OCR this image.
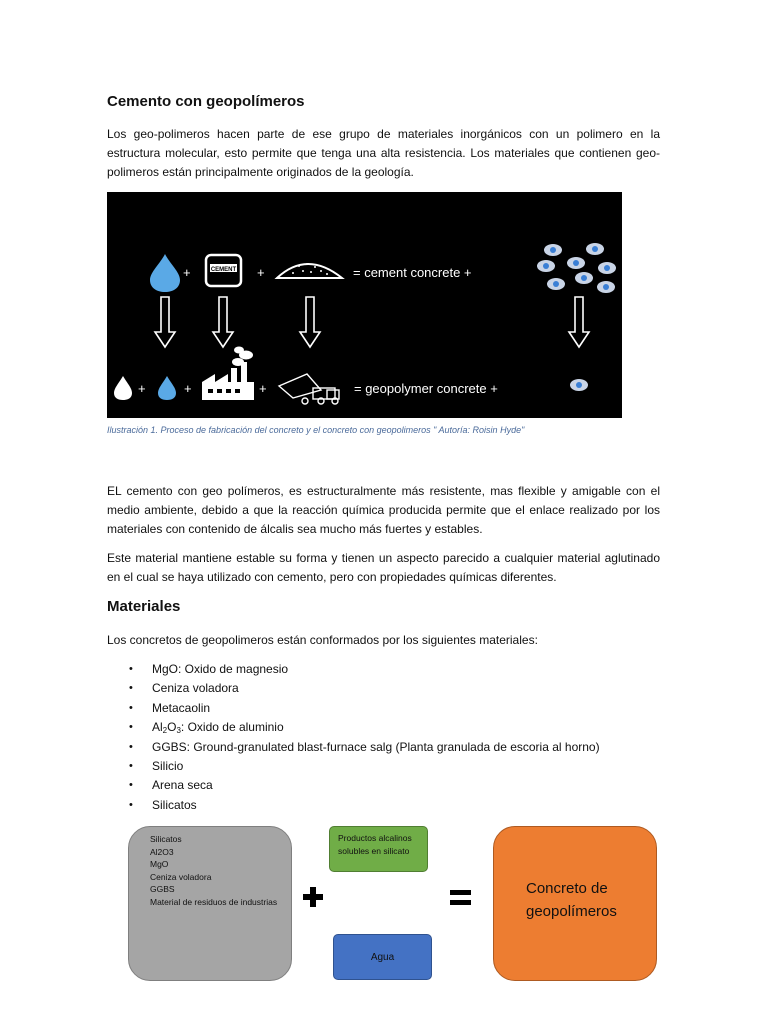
Cemento con geopolímeros

Los geo-polimeros hacen parte de ese grupo de materiales inorgánicos con un polimero en la estructura molecular, esto permite que tenga una alta resistencia. Los materiales que contienen geo-polimeros están principalmente originados de la geología.

+	CEMENT +	= cement concrete +
+	+	+	= geopolymer concrete +
Ilustración 1. Proceso de fabricación del concreto y el concreto con geopolimeros " Autoría: Roisin Hyde"

EL cemento con geo polímeros, es estructuralmente más resistente, mas flexible y amigable con el medio ambiente, debido a que la reacción química producida permite que el enlace realizado por los materiales con contenido de álcalis sea mucho más fuertes y estables.

Este material mantiene estable su forma y tienen un aspecto parecido a cualquier material aglutinado en el cual se haya utilizado con cemento, pero con propiedades químicas diferentes.

Materiales

Los concretos de geopolimeros están conformados por los siguientes materiales:

• MgO: Oxido de magnesio
• Ceniza voladora
• Metacaolin
• $Al_2O_3$: Oxido de aluminio
• GGBS: Ground-granulated blast-furnace salg (Planta granulada de escoria al horno)
• Silicio
• Arena seca
• Silicatos
Silicatos
Al2O3
MgO
Ceniza voladora
GGBS
Material de residuos de industrias
Productos alcalinos solubles en silicato
Agua
Concreto de geopolímeros
